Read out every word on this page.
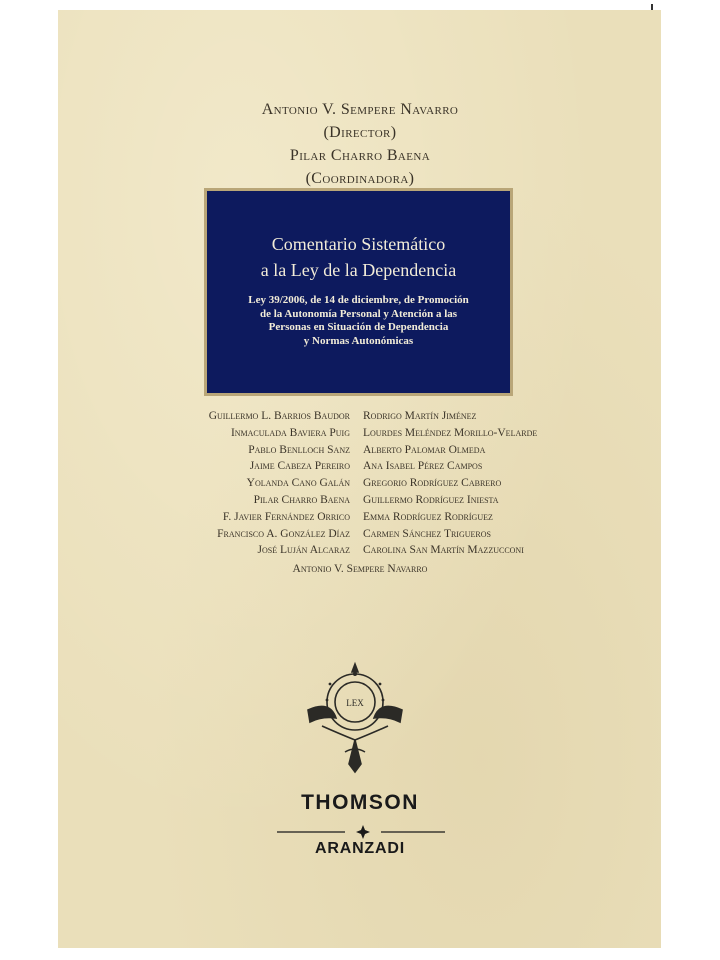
Antonio V. Sempere Navarro
(Director)
Pilar Charro Baena
(Coordinadora)
Comentario Sistemático
a la Ley de la Dependencia
Ley 39/2006, de 14 de diciembre, de Promoción
de la Autonomía Personal y Atención a las
Personas en Situación de Dependencia
y Normas Autonómicas
Guillermo L. Barrios Baudor
Inmaculada Baviera Puig
Pablo Benlloch Sanz
Jaime Cabeza Pereiro
Yolanda Cano Galán
Pilar Charro Baena
F. Javier Fernández Orrico
Francisco A. González Díaz
José Luján Alcaraz
Rodrigo Martín Jiménez
Lourdes Meléndez Morillo-Velarde
Alberto Palomar Olmeda
Ana Isabel Pérez Campos
Gregorio Rodríguez Cabrero
Guillermo Rodríguez Iniesta
Emma Rodríguez Rodríguez
Carmen Sánchez Trigueros
Carolina San Martín Mazzucconi
Antonio V. Sempere Navarro
LEX
THOMSON
ARANZADI
